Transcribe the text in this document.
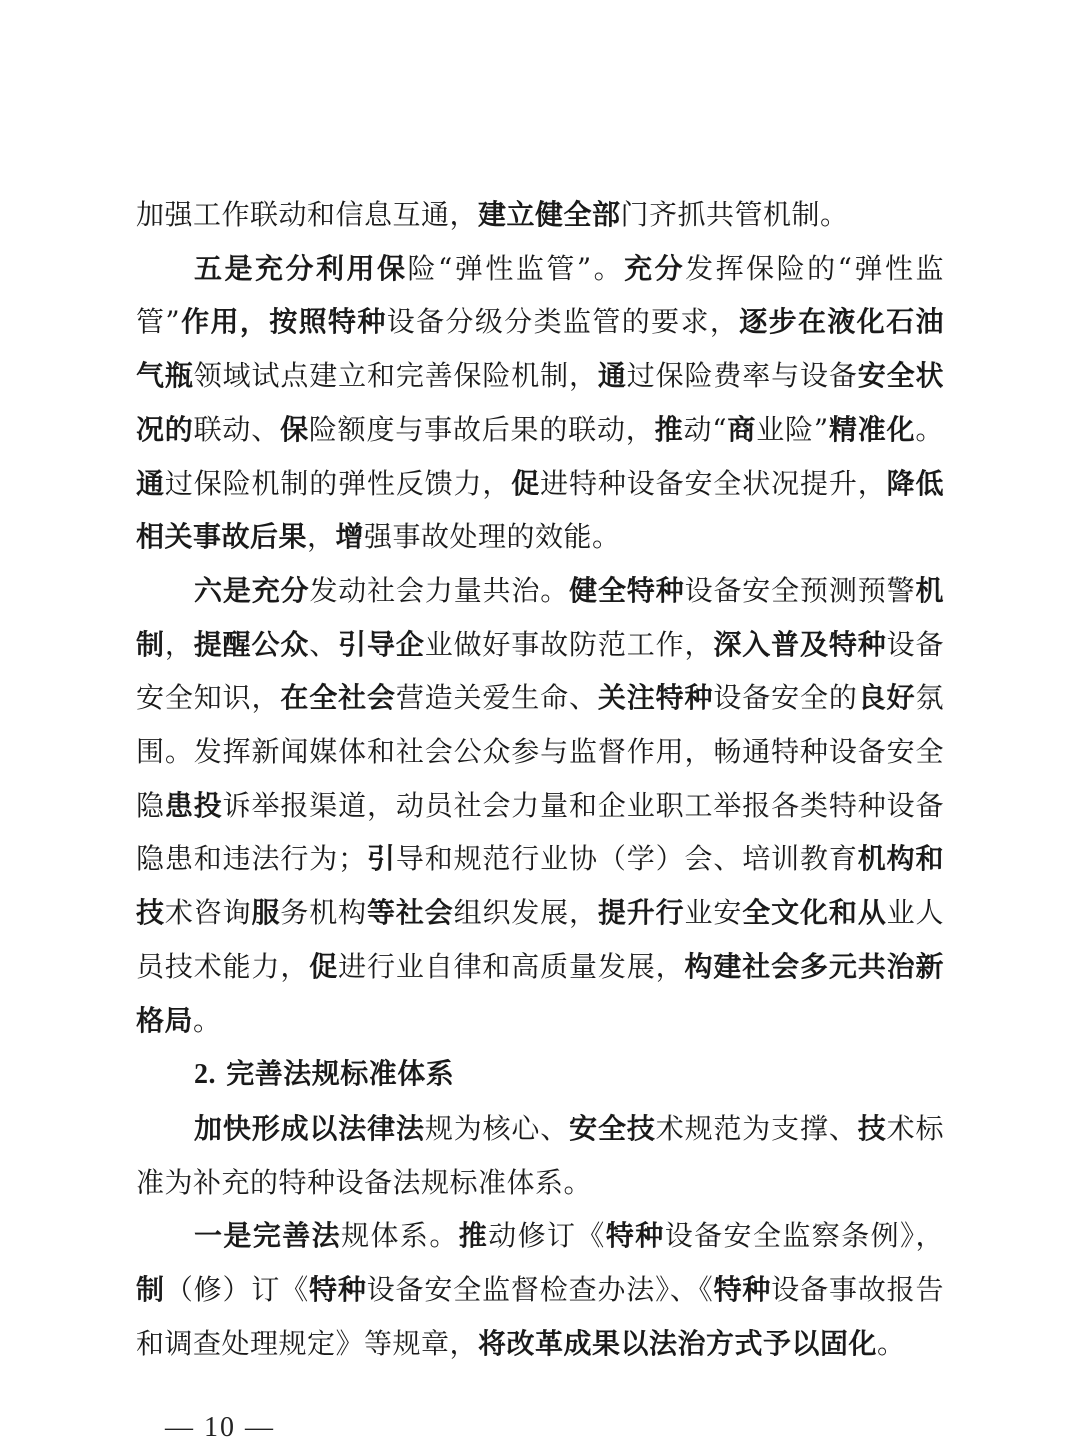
加强工作联动和信息互通，建立健全部门齐抓共管机制。

五是充分利用保险“弹性监管”。充分发挥保险的“弹性监管”作用，按照特种设备分级分类监管的要求，逐步在液化石油气瓶领域试点建立和完善保险机制，通过保险费率与设备安全状况的联动、保险额度与事故后果的联动，推动“商业险”精准化。通过保险机制的弹性反馈力，促进特种设备安全状况提升，降低相关事故后果，增强事故处理的效能。

六是充分发动社会力量共治。健全特种设备安全预测预警机制，提醒公众、引导企业做好事故防范工作，深入普及特种设备安全知识，在全社会营造关爱生命、关注特种设备安全的良好氛围。发挥新闻媒体和社会公众参与监督作用，畅通特种设备安全隐患投诉举报渠道，动员社会力量和企业职工举报各类特种设备隐患和违法行为；引导和规范行业协（学）会、培训教育机构和技术咨询服务机构等社会组织发展，提升行业安全文化和从业人员技术能力，促进行业自律和高质量发展，构建社会多元共治新格局。

2. 完善法规标准体系

加快形成以法律法规为核心、安全技术规范为支撑、技术标准为补充的特种设备法规标准体系。

一是完善法规体系。推动修订《特种设备安全监察条例》，制（修）订《特种设备安全监督检查办法》、《特种设备事故报告和调查处理规定》等规章，将改革成果以法治方式予以固化。

— 10 —
